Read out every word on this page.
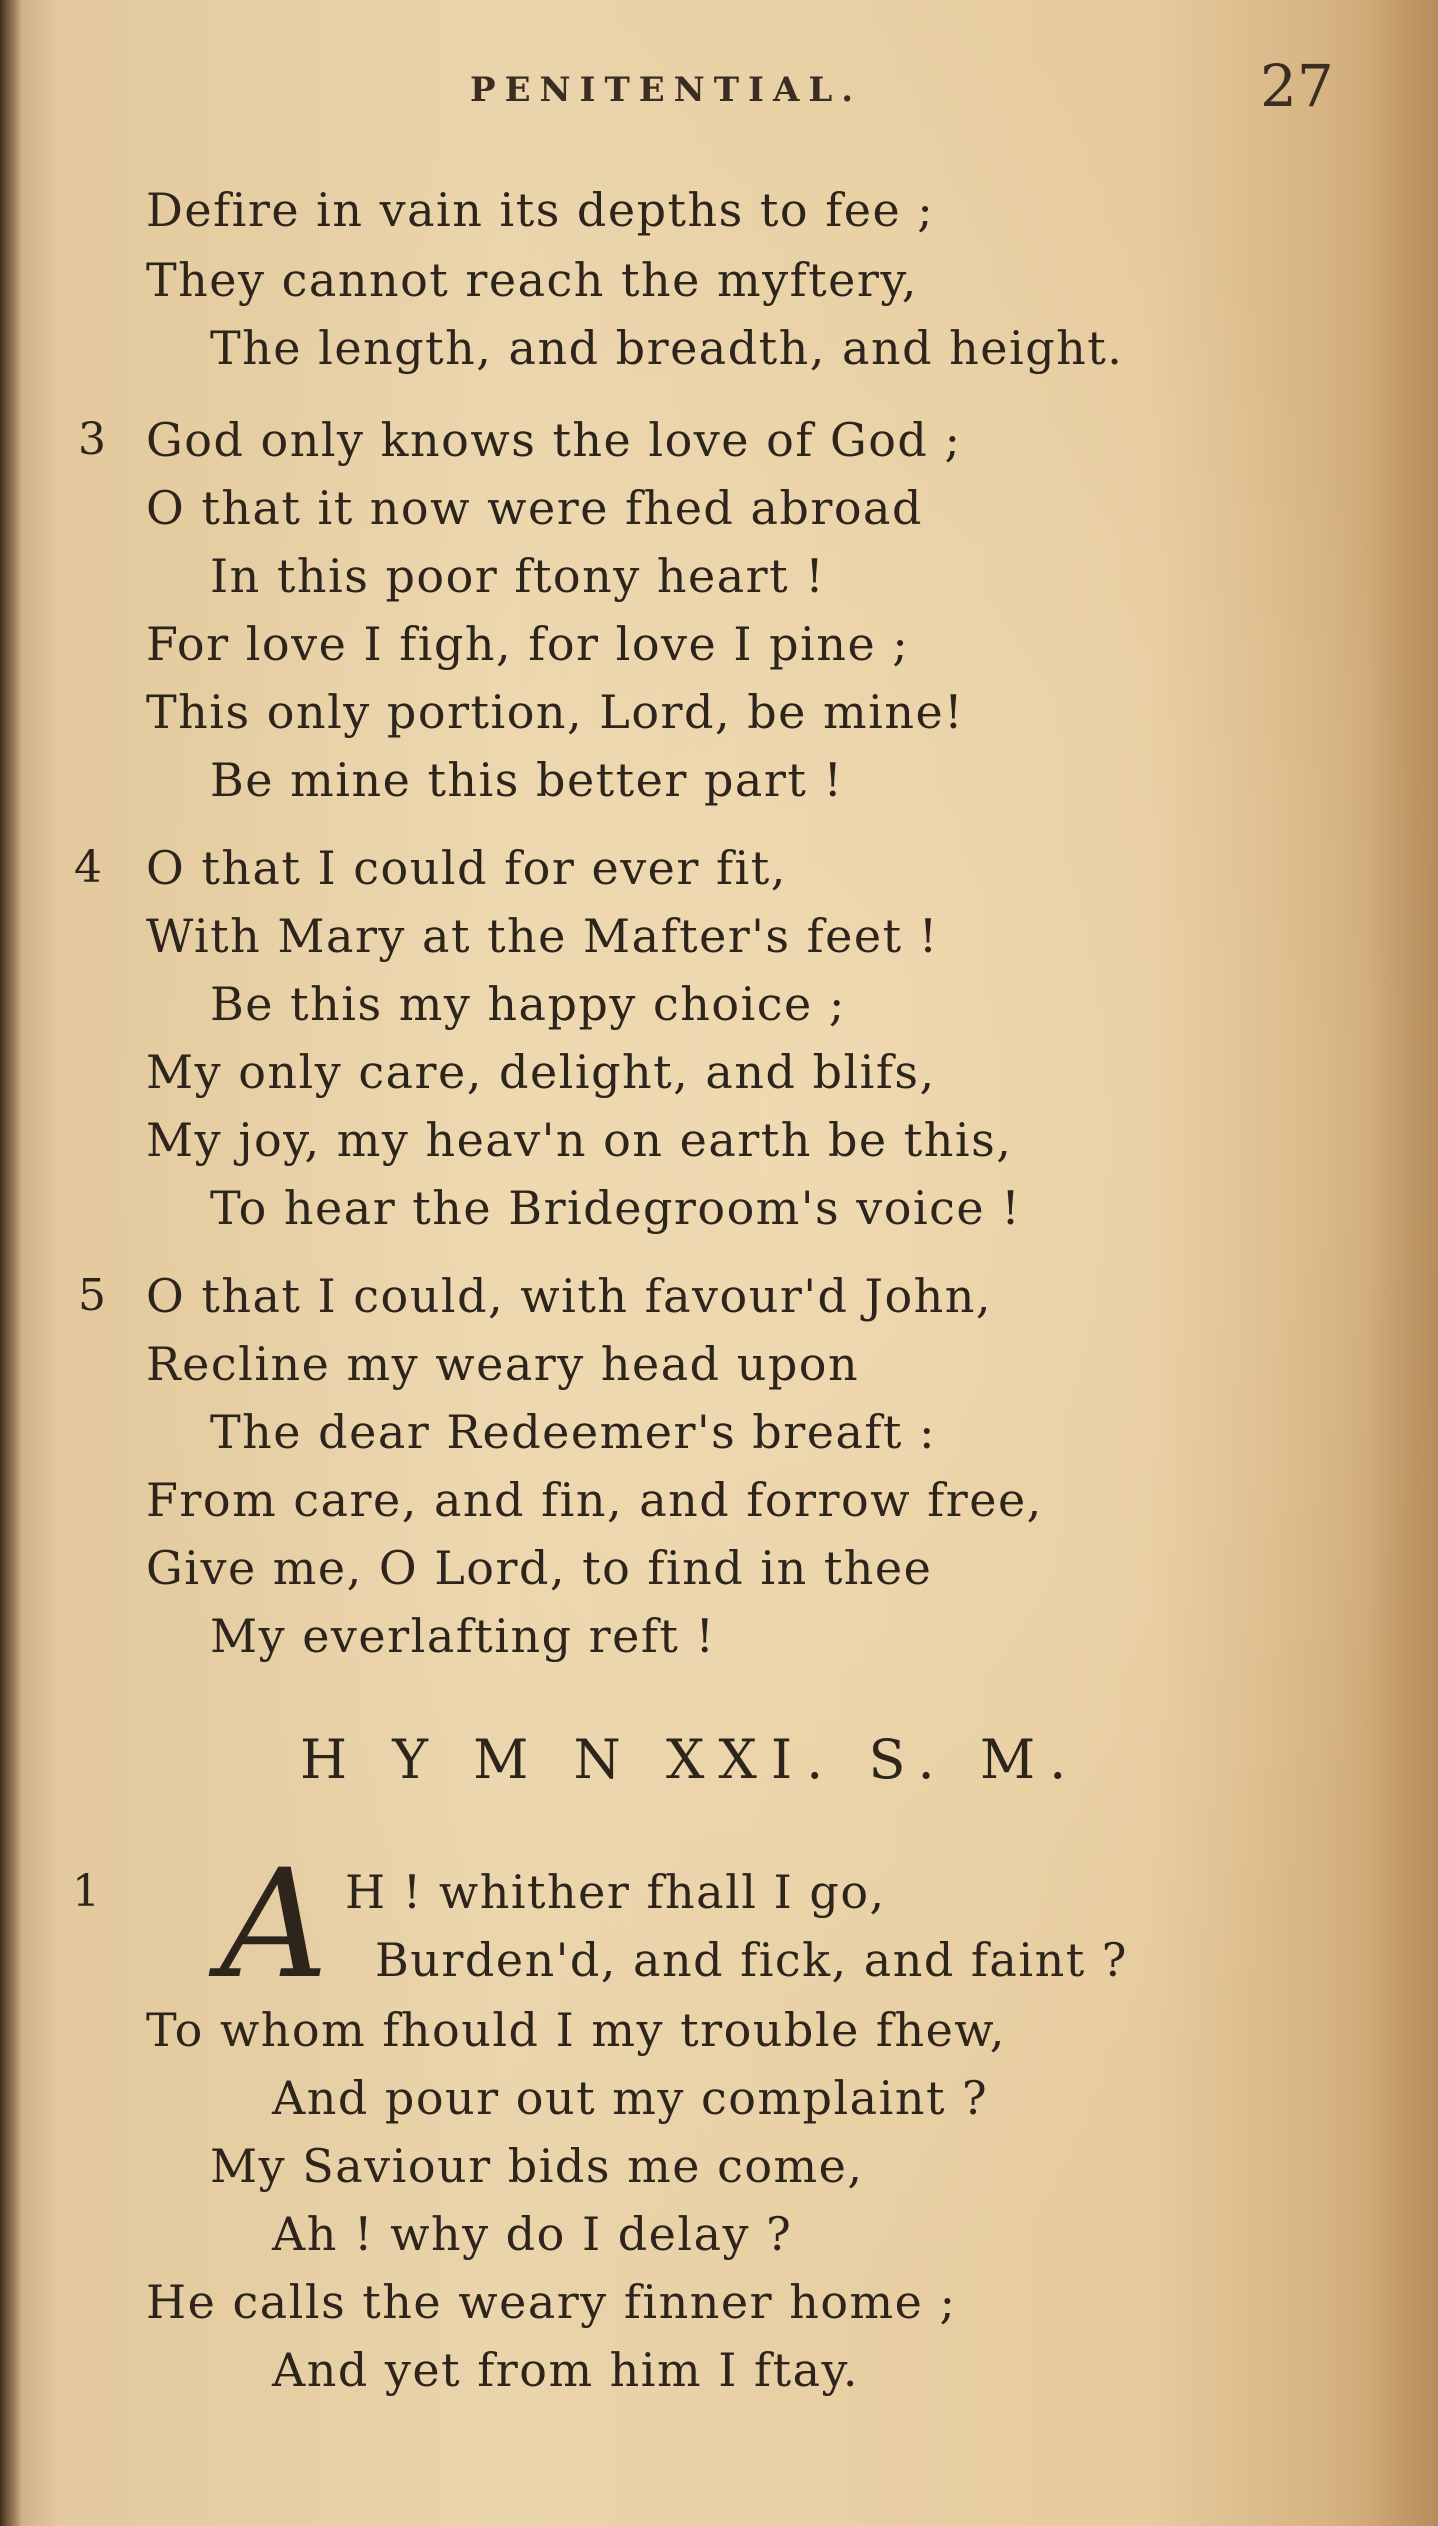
PENITENTIAL.	27
Defire in vain its depths to fee ;
They cannot reach the myftery,
The length, and breadth, and height.
3 God only knows the love of God ;
O that it now were fhed abroad
In this poor ftony heart !
For love I figh, for love I pine ;
This only portion, Lord, be mine!
Be mine this better part !
4 O that I could for ever fit,
With Mary at the Mafter's feet !
Be this my happy choice ;
My only care, delight, and blifs,
My joy, my heav'n on earth be this,
To hear the Bridegroom's voice !
5 O that I could, with favour'd John,
Recline my weary head upon
The dear Redeemer's breaft :
From care, and fin, and forrow free,
Give me, O Lord, to find in thee
My everlafting reft !
H Y M N XXI. S. M.
1 A H ! whither fhall I go,
Burden'd, and fick, and faint ?
To whom fhould I my trouble fhew,
And pour out my complaint ?
My Saviour bids me come,
Ah ! why do I delay ?
He calls the weary finner home ;
And yet from him I ftay.
